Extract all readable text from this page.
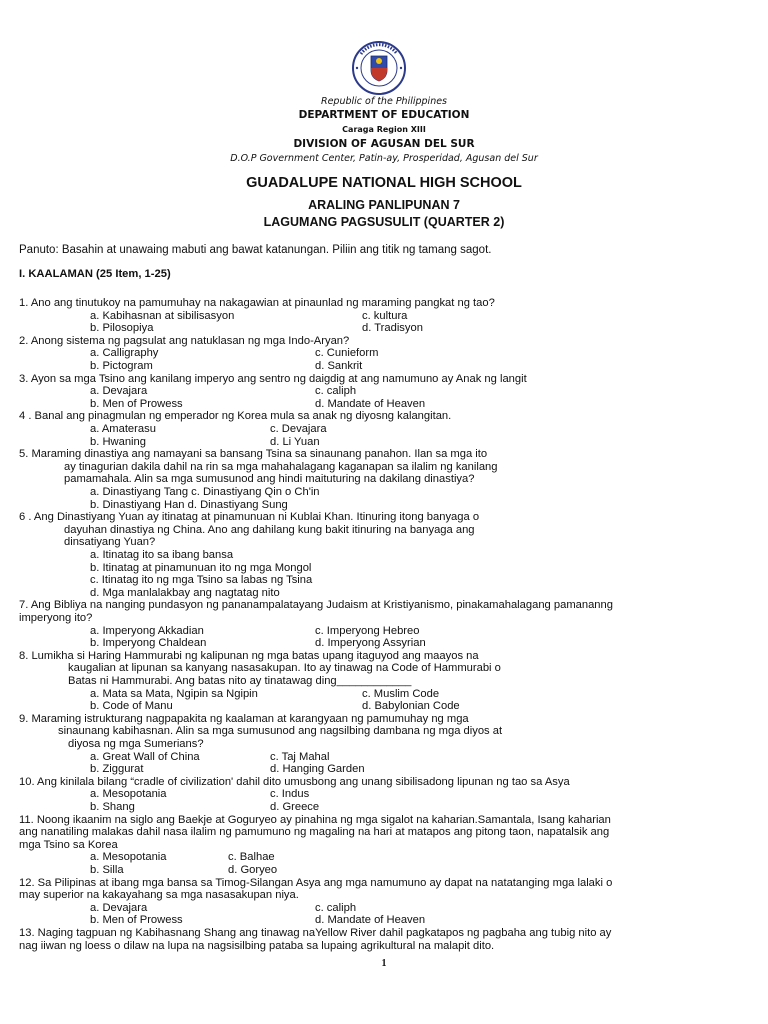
Republic of the Philippines
DEPARTMENT OF EDUCATION
Caraga Region XIII
DIVISION OF AGUSAN DEL SUR
D.O.P Government Center, Patin-ay, Prosperidad, Agusan del Sur
GUADALUPE NATIONAL HIGH SCHOOL
ARALING PANLIPUNAN 7
LAGUMANG PAGSUSULIT (QUARTER 2)
Panuto: Basahin at unawaing mabuti ang bawat katanungan. Piliin ang titik ng tamang sagot.
I. KAALAMAN (25 Item, 1-25)
1. Ano ang tinutukoy na pamumuhay na nakagawian at pinaunlad ng maraming pangkat ng tao?
a. Kabihasnan at sibilisasyon	c. kultura
b. Pilosopiya	d. Tradisyon
2. Anong sistema ng pagsulat ang natuklasan ng mga Indo-Aryan?
a. Calligraphy	c. Cunieform
b. Pictogram	d. Sankrit
3. Ayon sa mga Tsino ang kanilang imperyo ang sentro ng daigdig at ang namumuno ay Anak ng langit
a. Devajara	c. caliph
b. Men of Prowess	d. Mandate of Heaven
4 . Banal ang pinagmulan ng emperador ng Korea mula sa anak ng diyosng kalangitan.
a. Amaterasu	c. Devajara
b. Hwaning	d. Li Yuan
5. Maraming dinastiya ang namayani sa bansang Tsina sa sinaunang panahon. Ilan sa mga ito
ay tinagurian dakila dahil na rin sa mga mahahalagang kaganapan sa ilalim ng kanilang
pamamahala. Alin sa mga sumusunod ang hindi maituturing na dakilang dinastiya?
a. Dinastiyang Tang c. Dinastiyang Qin o Ch'in
b. Dinastiyang Han d. Dinastiyang Sung
6 . Ang Dinastiyang Yuan ay itinatag at pinamunuan ni Kublai Khan. Itinuring itong banyaga o
dayuhan dinastiya ng China. Ano ang dahilang kung bakit itinuring na banyaga ang
dinsatiyang Yuan?
a. Itinatag ito sa ibang bansa
b. Itinatag at pinamunuan ito ng mga Mongol
c. Itinatag ito ng mga Tsino sa labas ng Tsina
d. Mga manlalakbay ang nagtatag nito
7. Ang Bibliya na nanging pundasyon ng pananampalatayang Judaism at Kristiyanismo, pinakamahalagang pamananng
imperyong ito?
a. Imperyong Akkadian	c. Imperyong Hebreo
b. Imperyong Chaldean	d. Imperyong Assyrian
8. Lumikha si Haring Hammurabi ng kalipunan ng mga batas upang itaguyod ang maayos na
kaugalian at lipunan sa kanyang nasasakupan. Ito ay tinawag na Code of Hammurabi o
Batas ni Hammurabi. Ang batas nito ay tinatawag ding____________
a. Mata sa Mata, Ngipin sa Ngipin	c. Muslim Code
b. Code of Manu	d. Babylonian Code
9. Maraming istrukturang nagpapakita ng kaalaman at karangyaan ng pamumuhay ng mga
sinaunang kabihasnan. Alin sa mga sumusunod ang nagsilbing dambana ng mga diyos at
diyosa ng mga Sumerians?
a. Great Wall of China	c. Taj Mahal
b. Ziggurat	d. Hanging Garden
10. Ang kinilala bilang “cradle of civilization' dahil dito umusbong ang unang sibilisadong lipunan ng tao sa Asya
a. Mesopotania	c. Indus
b. Shang	d. Greece
11. Noong ikaanim na siglo ang Baekje at Goguryeo ay pinahina ng mga sigalot na kaharian.Samantala, Isang kaharian
ang nanatiling malakas dahil nasa ilalim ng pamumuno ng magaling na hari at matapos ang pitong taon, napatalsik ang
mga Tsino sa Korea
a. Mesopotania	c. Balhae
b. Silla	d. Goryeo
12. Sa Pilipinas at ibang mga bansa sa Timog-Silangan Asya ang mga namumuno ay dapat na natatanging mga lalaki o
may superior na kakayahang sa mga nasasakupan niya.
a. Devajara	c. caliph
b. Men of Prowess	d. Mandate of Heaven
13. Naging tagpuan ng Kabihasnang Shang ang tinawag naYellow River dahil pagkatapos ng pagbaha ang tubig nito ay
nag iiwan ng loess o dilaw na lupa na nagsisilbing pataba sa lupaing agrikultural na malapit dito.
1
